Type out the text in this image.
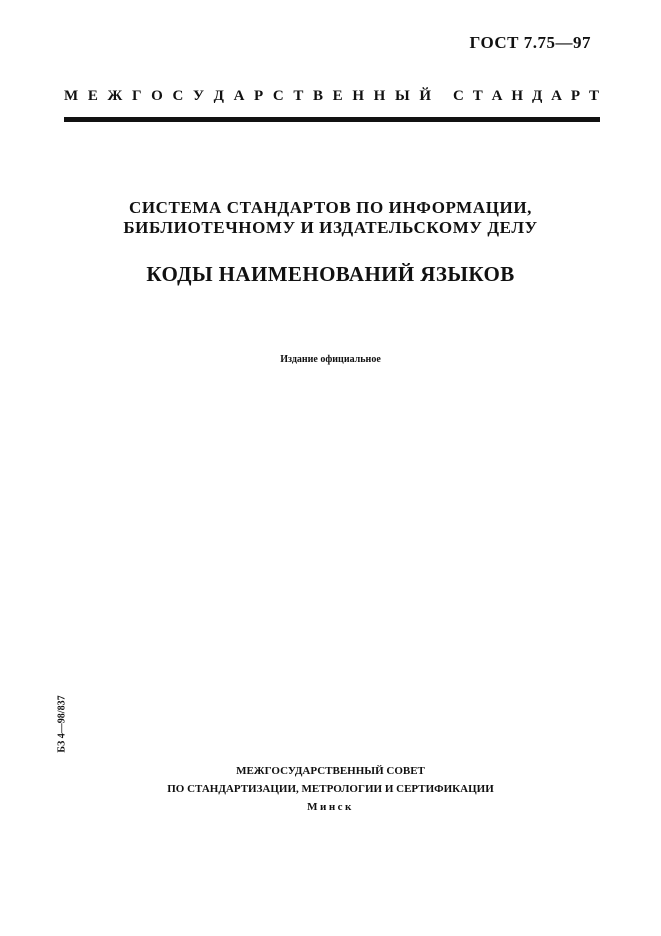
ГОСТ 7.75—97
М Е Ж Г О С У Д А Р С Т В Е Н Н Ы Й С Т А Н Д А Р Т
СИСТЕМА СТАНДАРТОВ ПО ИНФОРМАЦИИ,
БИБЛИОТЕЧНОМУ И ИЗДАТЕЛЬСКОМУ ДЕЛУ
КОДЫ НАИМЕНОВАНИЙ ЯЗЫКОВ
Издание официальное
БЗ 4—98/837
МЕЖГОСУДАРСТВЕННЫЙ СОВЕТ
ПО СТАНДАРТИЗАЦИИ, МЕТРОЛОГИИ И СЕРТИФИКАЦИИ
Минск
